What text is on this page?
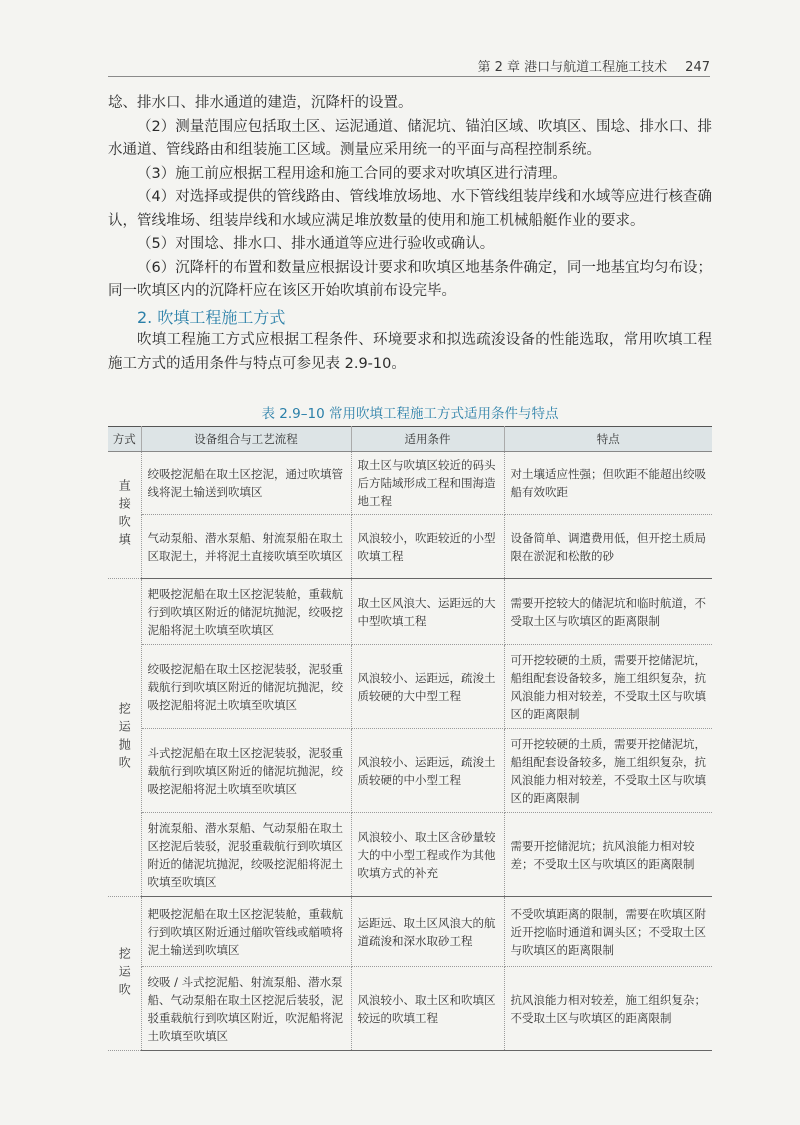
第 2 章 港口与航道工程施工技术 247

埝、排水口、排水通道的建造，沉降杆的设置。

（2）测量范围应包括取土区、运泥通道、储泥坑、锚泊区域、吹填区、围埝、排水口、排水通道、管线路由和组装施工区域。测量应采用统一的平面与高程控制系统。

（3）施工前应根据工程用途和施工合同的要求对吹填区进行清理。

（4）对选择或提供的管线路由、管线堆放场地、水下管线组装岸线和水域等应进行核查确认，管线堆场、组装岸线和水域应满足堆放数量的使用和施工机械船艇作业的要求。

（5）对围埝、排水口、排水通道等应进行验收或确认。

（6）沉降杆的布置和数量应根据设计要求和吹填区地基条件确定，同一地基宜均匀布设；同一吹填区内的沉降杆应在该区开始吹填前布设完毕。

2. 吹填工程施工方式

吹填工程施工方式应根据工程条件、环境要求和拟选疏浚设备的性能选取，常用吹填工程施工方式的适用条件与特点可参见表 2.9-10。

表 2.9–10 常用吹填工程施工方式适用条件与特点
方式	设备组合与工艺流程	适用条件	特点
直接吹填	绞吸挖泥船在取土区挖泥，通过吹填管线将泥土输送到吹填区	取土区与吹填区较近的码头后方陆域形成工程和围海造地工程	对土壤适应性强；但吹距不能超出绞吸船有效吹距
	气动泵船、潜水泵船、射流泵船在取土区取泥土，并将泥土直接吹填至吹填区	风浪较小，吹距较近的小型吹填工程	设备简单、调遣费用低，但开挖土质局限在淤泥和松散的砂
挖运抛吹	耙吸挖泥船在取土区挖泥装舱，重载航行到吹填区附近的储泥坑抛泥，绞吸挖泥船将泥土吹填至吹填区	取土区风浪大、运距远的大中型吹填工程	需要开挖较大的储泥坑和临时航道，不受取土区与吹填区的距离限制
	绞吸挖泥船在取土区挖泥装驳，泥驳重载航行到吹填区附近的储泥坑抛泥，绞吸挖泥船将泥土吹填至吹填区	风浪较小、运距远，疏浚土质较硬的大中型工程	可开挖较硬的土质，需要开挖储泥坑，船组配套设备较多，施工组织复杂，抗风浪能力相对较差，不受取土区与吹填区的距离限制
	斗式挖泥船在取土区挖泥装驳，泥驳重载航行到吹填区附近的储泥坑抛泥，绞吸挖泥船将泥土吹填至吹填区	风浪较小、运距远，疏浚土质较硬的中小型工程	可开挖较硬的土质，需要开挖储泥坑，船组配套设备较多，施工组织复杂，抗风浪能力相对较差，不受取土区与吹填区的距离限制
	射流泵船、潜水泵船、气动泵船在取土区挖泥后装驳，泥驳重载航行到吹填区附近的储泥坑抛泥，绞吸挖泥船将泥土吹填至吹填区	风浪较小、取土区含砂量较大的中小型工程或作为其他吹填方式的补充	需要开挖储泥坑；抗风浪能力相对较差；不受取土区与吹填区的距离限制
挖运吹	耙吸挖泥船在取土区挖泥装舱，重载航行到吹填区附近通过艏吹管线或艏喷将泥土输送到吹填区	运距远、取土区风浪大的航道疏浚和深水取砂工程	不受吹填距离的限制，需要在吹填区附近开挖临时通道和调头区；不受取土区与吹填区的距离限制
	绞吸 / 斗式挖泥船、射流泵船、潜水泵船、气动泵船在取土区挖泥后装驳，泥驳重载航行到吹填区附近，吹泥船将泥土吹填至吹填区	风浪较小、取土区和吹填区较远的吹填工程	抗风浪能力相对较差，施工组织复杂；不受取土区与吹填区的距离限制
